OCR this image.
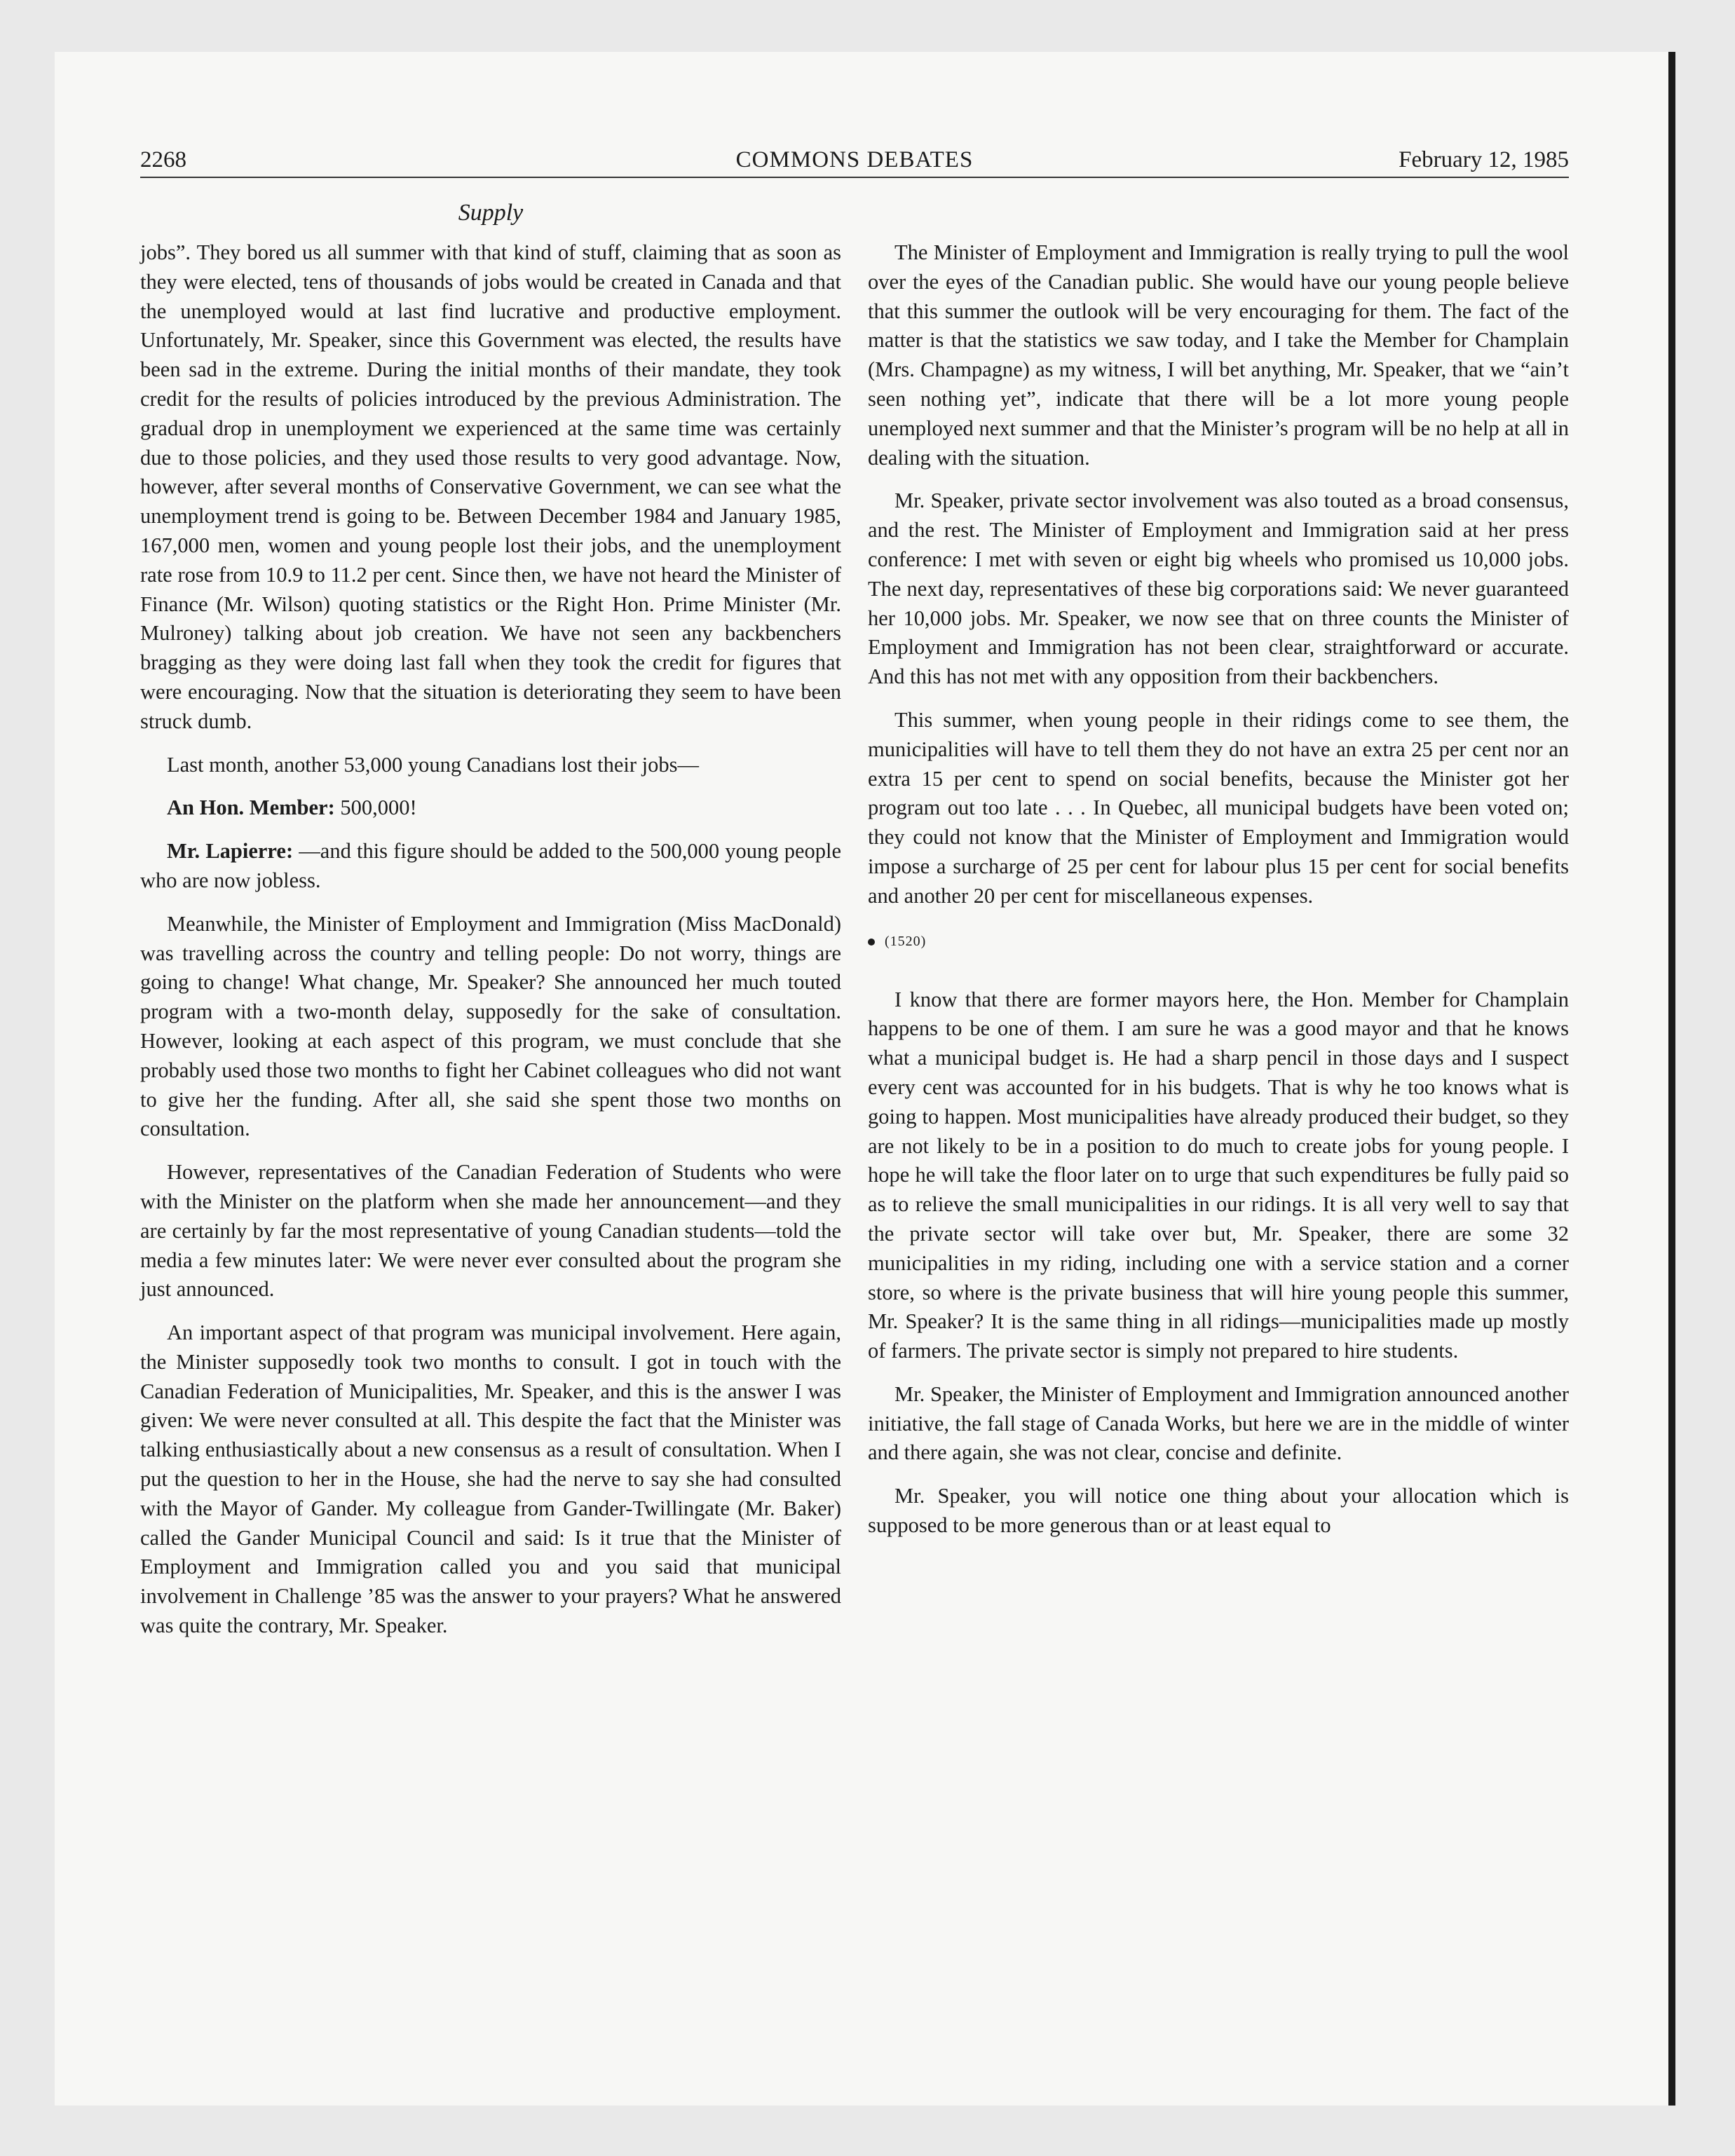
2268	COMMONS DEBATES	February 12, 1985
Supply

jobs”. They bored us all summer with that kind of stuff, claiming that as soon as they were elected, tens of thousands of jobs would be created in Canada and that the unemployed would at last find lucrative and productive employment. Unfortunately, Mr. Speaker, since this Government was elected, the results have been sad in the extreme. During the initial months of their mandate, they took credit for the results of policies introduced by the previous Administration. The gradual drop in unemployment we experienced at the same time was certainly due to those policies, and they used those results to very good advantage. Now, however, after several months of Conservative Government, we can see what the unemployment trend is going to be. Between December 1984 and January 1985, 167,000 men, women and young people lost their jobs, and the unemployment rate rose from 10.9 to 11.2 per cent. Since then, we have not heard the Minister of Finance (Mr. Wilson) quoting statistics or the Right Hon. Prime Minister (Mr. Mulroney) talking about job creation. We have not seen any backbenchers bragging as they were doing last fall when they took the credit for figures that were encouraging. Now that the situation is deteriorating they seem to have been struck dumb.

Last month, another 53,000 young Canadians lost their jobs—

An Hon. Member: 500,000!

Mr. Lapierre: —and this figure should be added to the 500,000 young people who are now jobless.

Meanwhile, the Minister of Employment and Immigration (Miss MacDonald) was travelling across the country and telling people: Do not worry, things are going to change! What change, Mr. Speaker? She announced her much touted program with a two-month delay, supposedly for the sake of consultation. However, looking at each aspect of this program, we must conclude that she probably used those two months to fight her Cabinet colleagues who did not want to give her the funding. After all, she said she spent those two months on consultation.

However, representatives of the Canadian Federation of Students who were with the Minister on the platform when she made her announcement—and they are certainly by far the most representative of young Canadian students—told the media a few minutes later: We were never ever consulted about the program she just announced.

An important aspect of that program was municipal involvement. Here again, the Minister supposedly took two months to consult. I got in touch with the Canadian Federation of Municipalities, Mr. Speaker, and this is the answer I was given: We were never consulted at all. This despite the fact that the Minister was talking enthusiastically about a new consensus as a result of consultation. When I put the question to her in the House, she had the nerve to say she had consulted with the Mayor of Gander. My colleague from Gander-Twillingate (Mr. Baker) called the Gander Municipal Council and said: Is it true that the Minister of Employment and Immigration called you and you said that municipal involvement in Challenge ’85 was the answer to your prayers? What he answered was quite the contrary, Mr. Speaker.

The Minister of Employment and Immigration is really trying to pull the wool over the eyes of the Canadian public. She would have our young people believe that this summer the outlook will be very encouraging for them. The fact of the matter is that the statistics we saw today, and I take the Member for Champlain (Mrs. Champagne) as my witness, I will bet anything, Mr. Speaker, that we “ain’t seen nothing yet”, indicate that there will be a lot more young people unemployed next summer and that the Minister’s program will be no help at all in dealing with the situation.

Mr. Speaker, private sector involvement was also touted as a broad consensus, and the rest. The Minister of Employment and Immigration said at her press conference: I met with seven or eight big wheels who promised us 10,000 jobs. The next day, representatives of these big corporations said: We never guaranteed her 10,000 jobs. Mr. Speaker, we now see that on three counts the Minister of Employment and Immigration has not been clear, straightforward or accurate. And this has not met with any opposition from their backbenchers.

This summer, when young people in their ridings come to see them, the municipalities will have to tell them they do not have an extra 25 per cent nor an extra 15 per cent to spend on social benefits, because the Minister got her program out too late . . . In Quebec, all municipal budgets have been voted on; they could not know that the Minister of Employment and Immigration would impose a surcharge of 25 per cent for labour plus 15 per cent for social benefits and another 20 per cent for miscellaneous expenses.

(1520)

I know that there are former mayors here, the Hon. Member for Champlain happens to be one of them. I am sure he was a good mayor and that he knows what a municipal budget is. He had a sharp pencil in those days and I suspect every cent was accounted for in his budgets. That is why he too knows what is going to happen. Most municipalities have already produced their budget, so they are not likely to be in a position to do much to create jobs for young people. I hope he will take the floor later on to urge that such expenditures be fully paid so as to relieve the small municipalities in our ridings. It is all very well to say that the private sector will take over but, Mr. Speaker, there are some 32 municipalities in my riding, including one with a service station and a corner store, so where is the private business that will hire young people this summer, Mr. Speaker? It is the same thing in all ridings—municipalities made up mostly of farmers. The private sector is simply not prepared to hire students.

Mr. Speaker, the Minister of Employment and Immigration announced another initiative, the fall stage of Canada Works, but here we are in the middle of winter and there again, she was not clear, concise and definite.

Mr. Speaker, you will notice one thing about your allocation which is supposed to be more generous than or at least equal to
